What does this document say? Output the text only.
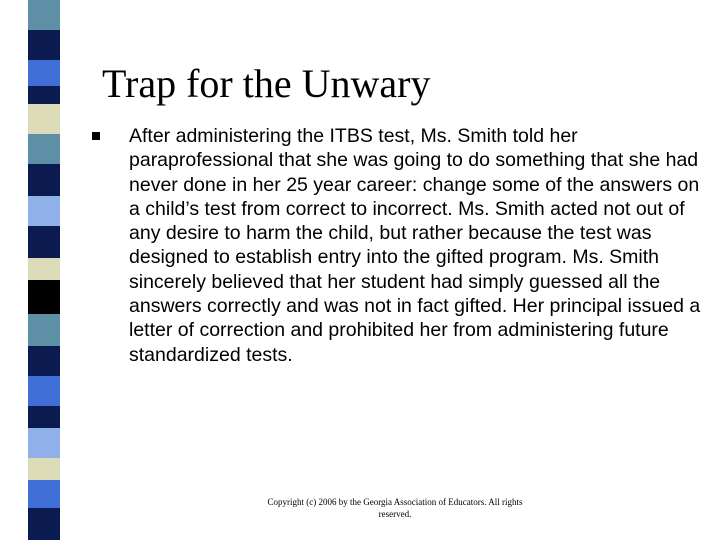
Trap for the Unwary

After administering the ITBS test, Ms. Smith told her paraprofessional that she was going to do something that she had never done in her 25 year career: change some of the answers on a child’s test from correct to incorrect. Ms. Smith acted not out of any desire to harm the child, but rather because the test was designed to establish entry into the gifted program. Ms. Smith sincerely believed that her student had simply guessed all the answers correctly and was not in fact gifted. Her principal issued a letter of correction and prohibited her from administering future standardized tests.

Copyright (c) 2006 by the Georgia Association of Educators. All rights reserved.
